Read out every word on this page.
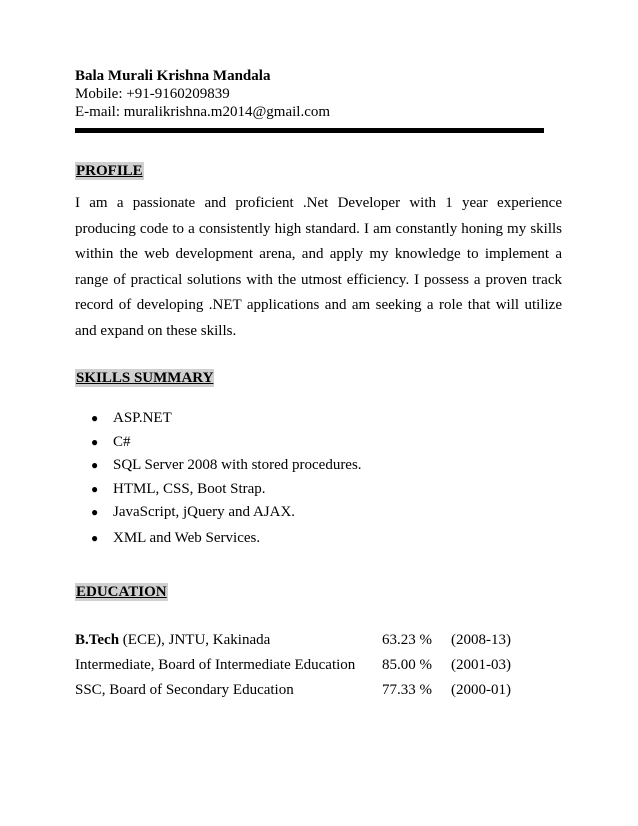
Bala Murali Krishna Mandala
Mobile: +91-9160209839
E-mail: muralikrishna.m2014@gmail.com
PROFILE
I am a passionate and proficient .Net Developer with 1 year experience producing code to a consistently high standard. I am constantly honing my skills within the web development arena, and apply my knowledge to implement a range of practical solutions with the utmost efficiency. I possess a proven track record of developing .NET applications and am seeking a role that will utilize and expand on these skills.
SKILLS SUMMARY
● ASP.NET
● C#
● SQL Server 2008 with stored procedures.
● HTML, CSS, Boot Strap.
● JavaScript, jQuery and AJAX.
● XML and Web Services.
EDUCATION
B.Tech (ECE), JNTU, Kakinada	63.23 % (2008-13)
Intermediate, Board of Intermediate Education 85.00 % (2001-03)
SSC, Board of Secondary Education	77.33 % (2000-01)
